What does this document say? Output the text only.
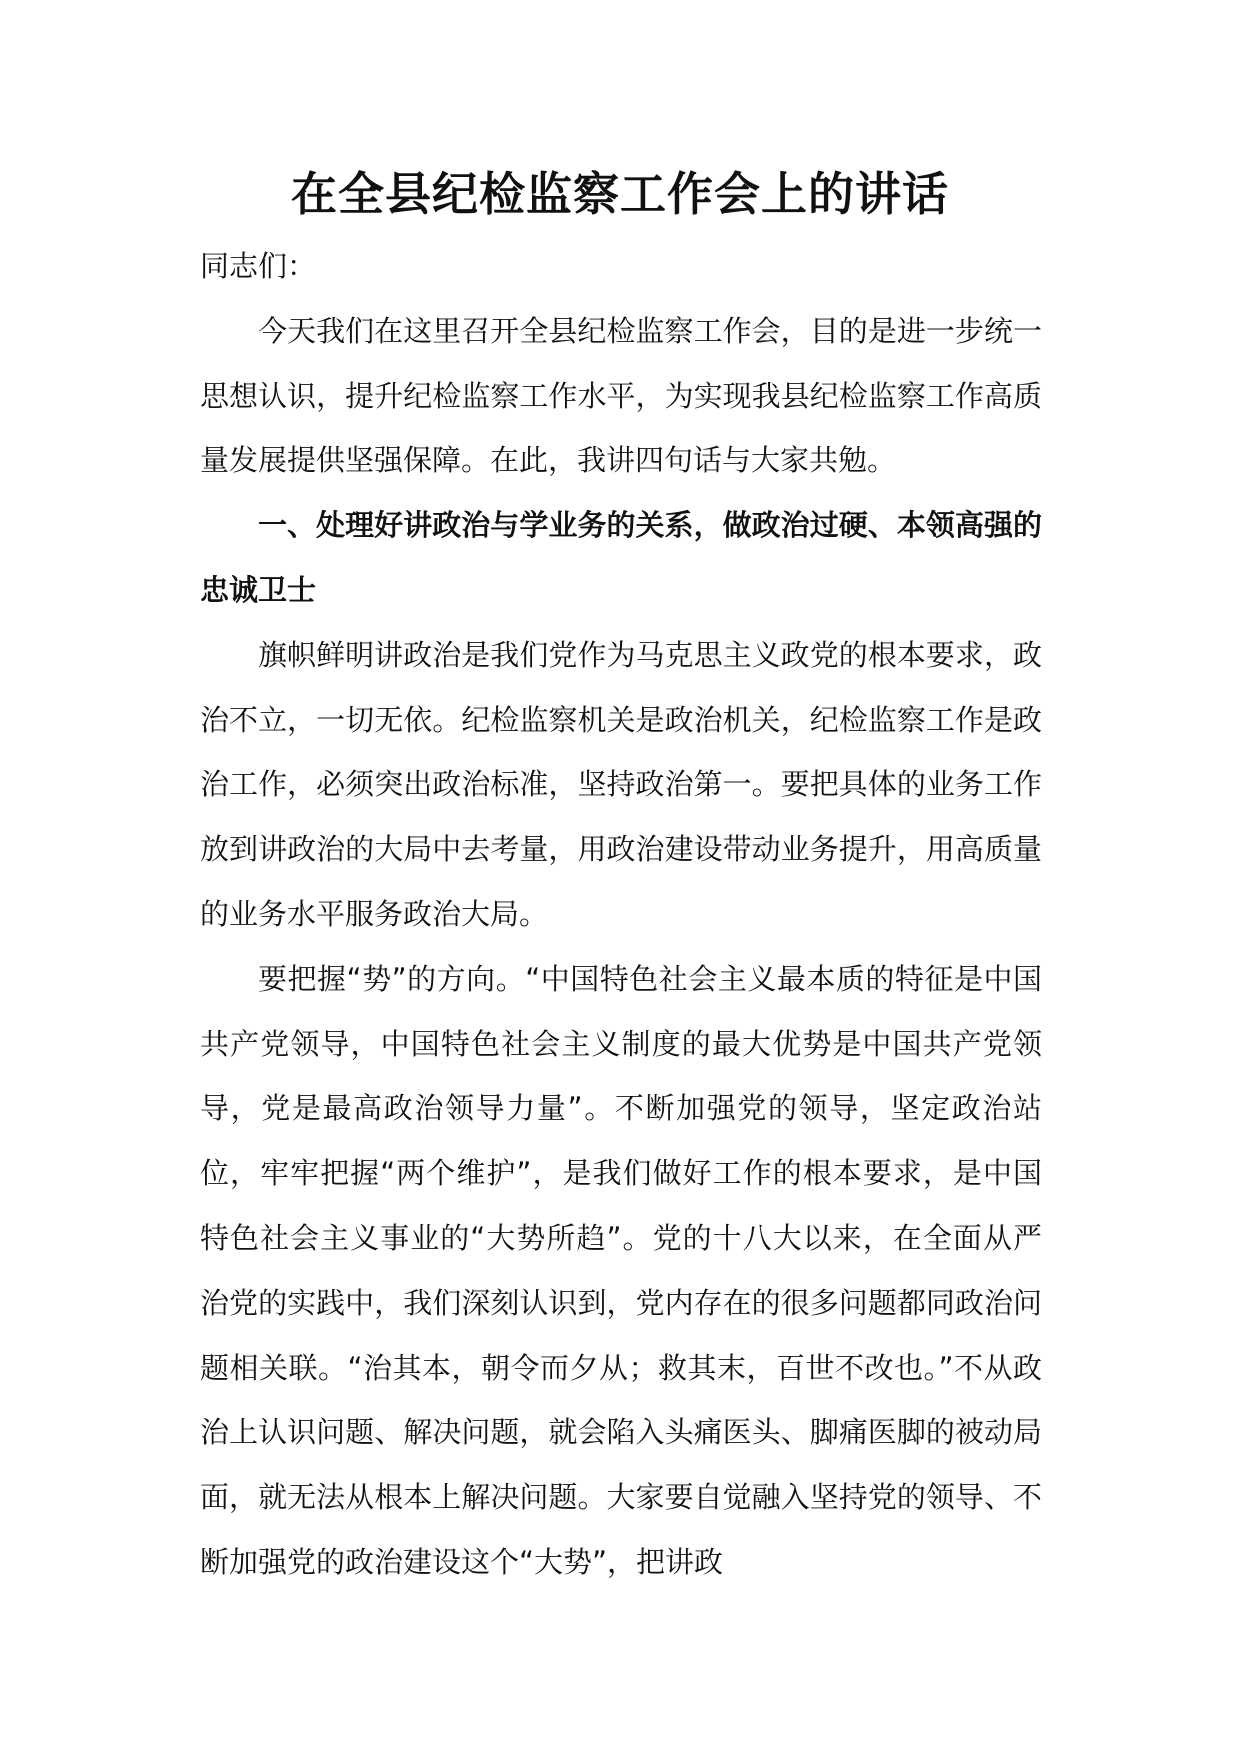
在全县纪检监察工作会上的讲话

同志们：

今天我们在这里召开全县纪检监察工作会，目的是进一步统一思想认识，提升纪检监察工作水平，为实现我县纪检监察工作高质量发展提供坚强保障。在此，我讲四句话与大家共勉。

一、处理好讲政治与学业务的关系，做政治过硬、本领高强的忠诚卫士

旗帜鲜明讲政治是我们党作为马克思主义政党的根本要求，政治不立，一切无依。纪检监察机关是政治机关，纪检监察工作是政治工作，必须突出政治标准，坚持政治第一。要把具体的业务工作放到讲政治的大局中去考量，用政治建设带动业务提升，用高质量的业务水平服务政治大局。

要把握“势”的方向。“中国特色社会主义最本质的特征是中国共产党领导，中国特色社会主义制度的最大优势是中国共产党领导，党是最高政治领导力量”。不断加强党的领导，坚定政治站位，牢牢把握“两个维护”，是我们做好工作的根本要求，是中国特色社会主义事业的“大势所趋”。党的十八大以来，在全面从严治党的实践中，我们深刻认识到，党内存在的很多问题都同政治问题相关联。“治其本，朝令而夕从；救其末，百世不改也。”不从政治上认识问题、解决问题，就会陷入头痛医头、脚痛医脚的被动局面，就无法从根本上解决问题。大家要自觉融入坚持党的领导、不断加强党的政治建设这个“大势”，把讲政
